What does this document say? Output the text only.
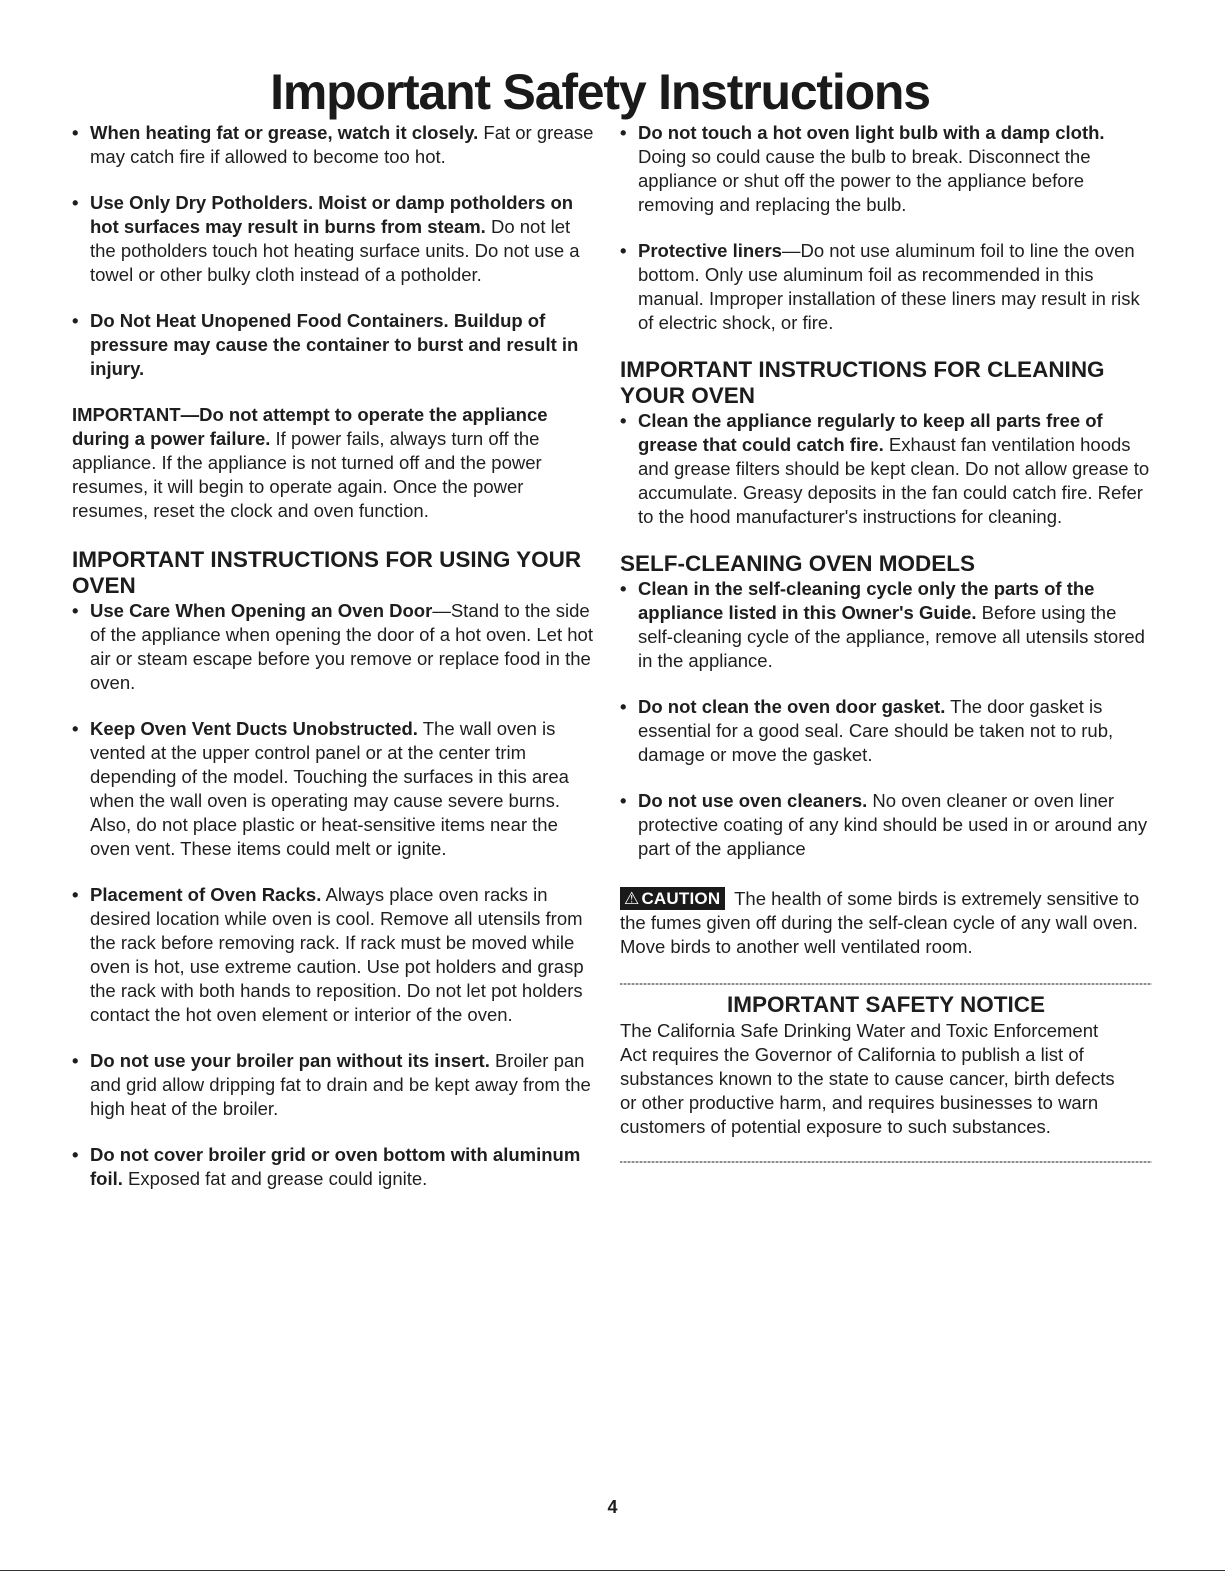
Important Safety Instructions

• When heating fat or grease, watch it closely. Fat or grease may catch fire if allowed to become too hot.

• Use Only Dry Potholders. Moist or damp potholders on hot surfaces may result in burns from steam. Do not let the potholders touch hot heating surface units. Do not use a towel or other bulky cloth instead of a potholder.

• Do Not Heat Unopened Food Containers. Buildup of pressure may cause the container to burst and result in injury.

IMPORTANT—Do not attempt to operate the appliance during a power failure. If power fails, always turn off the appliance. If the appliance is not turned off and the power resumes, it will begin to operate again. Once the power resumes, reset the clock and oven function.

IMPORTANT INSTRUCTIONS FOR USING YOUR OVEN

• Use Care When Opening an Oven Door—Stand to the side of the appliance when opening the door of a hot oven. Let hot air or steam escape before you remove or replace food in the oven.

• Keep Oven Vent Ducts Unobstructed. The wall oven is vented at the upper control panel or at the center trim depending of the model. Touching the surfaces in this area when the wall oven is operating may cause severe burns. Also, do not place plastic or heat-sensitive items near the oven vent. These items could melt or ignite.

• Placement of Oven Racks. Always place oven racks in desired location while oven is cool. Remove all utensils from the rack before removing rack. If rack must be moved while oven is hot, use extreme caution. Use pot holders and grasp the rack with both hands to reposition. Do not let pot holders contact the hot oven element or interior of the oven.

• Do not use your broiler pan without its insert. Broiler pan and grid allow dripping fat to drain and be kept away from the high heat of the broiler.

• Do not cover broiler grid or oven bottom with aluminum foil. Exposed fat and grease could ignite.

• Do not touch a hot oven light bulb with a damp cloth. Doing so could cause the bulb to break. Disconnect the appliance or shut off the power to the appliance before removing and replacing the bulb.

• Protective liners—Do not use aluminum foil to line the oven bottom. Only use aluminum foil as recommended in this manual. Improper installation of these liners may result in risk of electric shock, or fire.

IMPORTANT INSTRUCTIONS FOR CLEANING YOUR OVEN

• Clean the appliance regularly to keep all parts free of grease that could catch fire. Exhaust fan ventilation hoods and grease filters should be kept clean. Do not allow grease to accumulate. Greasy deposits in the fan could catch fire. Refer to the hood manufacturer's instructions for cleaning.

SELF-CLEANING OVEN MODELS

• Clean in the self-cleaning cycle only the parts of the appliance listed in this Owner's Guide. Before using the self-cleaning cycle of the appliance, remove all utensils stored in the appliance.

• Do not clean the oven door gasket. The door gasket is essential for a good seal. Care should be taken not to rub, damage or move the gasket.

• Do not use oven cleaners. No oven cleaner or oven liner protective coating of any kind should be used in or around any part of the appliance

⚠ CAUTION The health of some birds is extremely sensitive to the fumes given off during the self-clean cycle of any wall oven. Move birds to another well ventilated room.

IMPORTANT SAFETY NOTICE

The California Safe Drinking Water and Toxic Enforcement Act requires the Governor of California to publish a list of substances known to the state to cause cancer, birth defects or other productive harm, and requires businesses to warn customers of potential exposure to such substances.

4
